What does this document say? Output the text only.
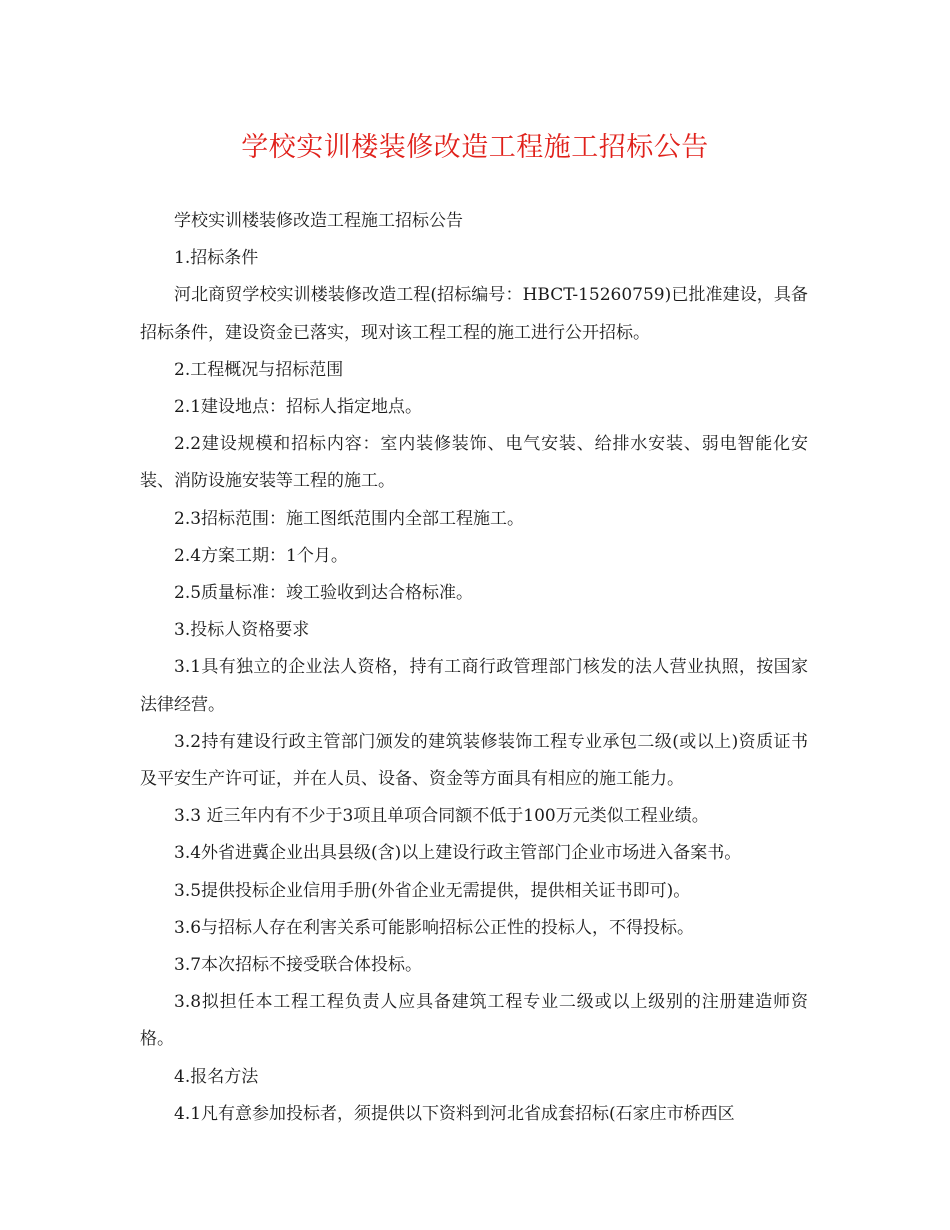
学校实训楼装修改造工程施工招标公告

学校实训楼装修改造工程施工招标公告

1.招标条件

河北商贸学校实训楼装修改造工程(招标编号：HBCT-15260759)已批准建设，具备招标条件，建设资金已落实，现对该工程工程的施工进行公开招标。

2.工程概况与招标范围

2.1建设地点：招标人指定地点。

2.2建设规模和招标内容：室内装修装饰、电气安装、给排水安装、弱电智能化安装、消防设施安装等工程的施工。

2.3招标范围：施工图纸范围内全部工程施工。

2.4方案工期：1个月。

2.5质量标准：竣工验收到达合格标准。

3.投标人资格要求

3.1具有独立的企业法人资格，持有工商行政管理部门核发的法人营业执照，按国家法律经营。

3.2持有建设行政主管部门颁发的建筑装修装饰工程专业承包二级(或以上)资质证书及平安生产许可证，并在人员、设备、资金等方面具有相应的施工能力。

3.3 近三年内有不少于3项且单项合同额不低于100万元类似工程业绩。

3.4外省进冀企业出具县级(含)以上建设行政主管部门企业市场进入备案书。

3.5提供投标企业信用手册(外省企业无需提供，提供相关证书即可)。

3.6与招标人存在利害关系可能影响招标公正性的投标人，不得投标。

3.7本次招标不接受联合体投标。

3.8拟担任本工程工程负责人应具备建筑工程专业二级或以上级别的注册建造师资格。

4.报名方法

4.1凡有意参加投标者，须提供以下资料到河北省成套招标(石家庄市桥西区
